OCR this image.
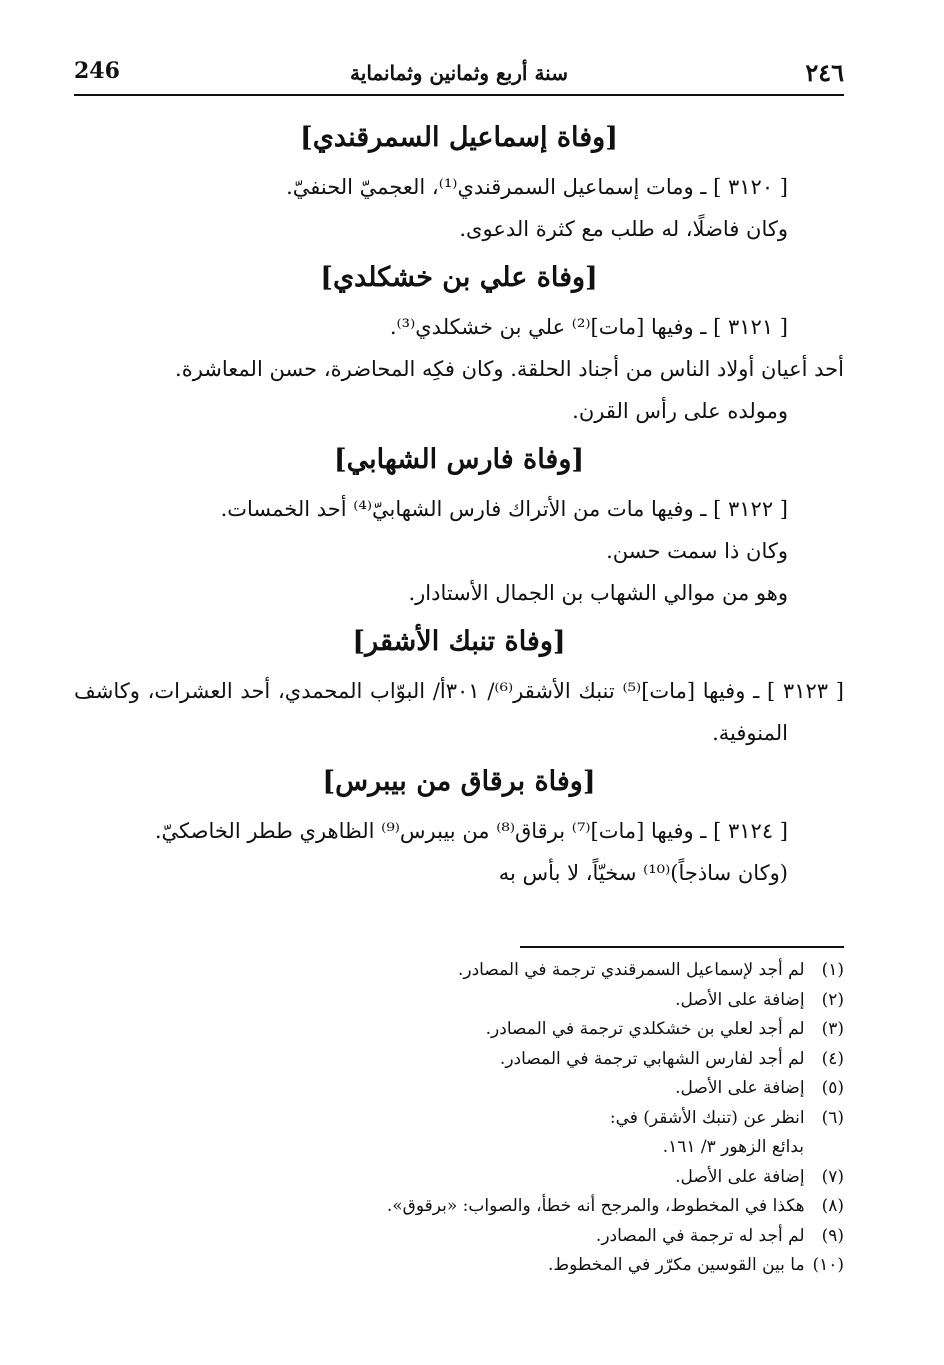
246	سنة أربع وثمانين وثمانماية	٢٤٦
[وفاة إسماعيل السمرقندي]

[ ٣١٢٠ ] ـ ومات إسماعيل السمرقندي⁽¹⁾، العجميّ الحنفيّ.

وكان فاضلًا، له طلب مع كثرة الدعوى.

[وفاة علي بن خشكلدي]

[ ٣١٢١ ] ـ وفيها [مات]⁽²⁾ علي بن خشكلدي⁽³⁾.

أحد أعيان أولاد الناس من أجناد الحلقة. وكان فكِه المحاضرة، حسن المعاشرة.

ومولده على رأس القرن.

[وفاة فارس الشهابي]

[ ٣١٢٢ ] ـ وفيها مات من الأتراك فارس الشهابيّ⁽⁴⁾ أحد الخمسات.

وكان ذا سمت حسن.

وهو من موالي الشهاب بن الجمال الأستادار.

[وفاة تنبك الأشقر]

[ ٣١٢٣ ] ـ وفيها [مات]⁽⁵⁾ تنبك الأشقر⁽⁶⁾/ ٣٠١أ/ البوّاب المحمدي، أحد العشرات، وكاشف المنوفية.

[وفاة برقاق من بيبرس]

[ ٣١٢٤ ] ـ وفيها [مات]⁽⁷⁾ برقاق⁽⁸⁾ من بيبرس⁽⁹⁾ الظاهري ططر الخاصكيّ.

(وكان ساذجاً)⁽¹⁰⁾ سخيّاً، لا بأس به

(١) لم أجد لإسماعيل السمرقندي ترجمة في المصادر.
(٢) إضافة على الأصل.
(٣) لم أجد لعلي بن خشكلدي ترجمة في المصادر.
(٤) لم أجد لفارس الشهابي ترجمة في المصادر.
(٥) إضافة على الأصل.
(٦) انظر عن (تنبك الأشقر) في:
بدائع الزهور ٣/ ١٦١.
(٧) إضافة على الأصل.
(٨) هكذا في المخطوط، والمرجح أنه خطأ، والصواب: «برقوق».
(٩) لم أجد له ترجمة في المصادر.
(١٠) ما بين القوسين مكرّر في المخطوط.
